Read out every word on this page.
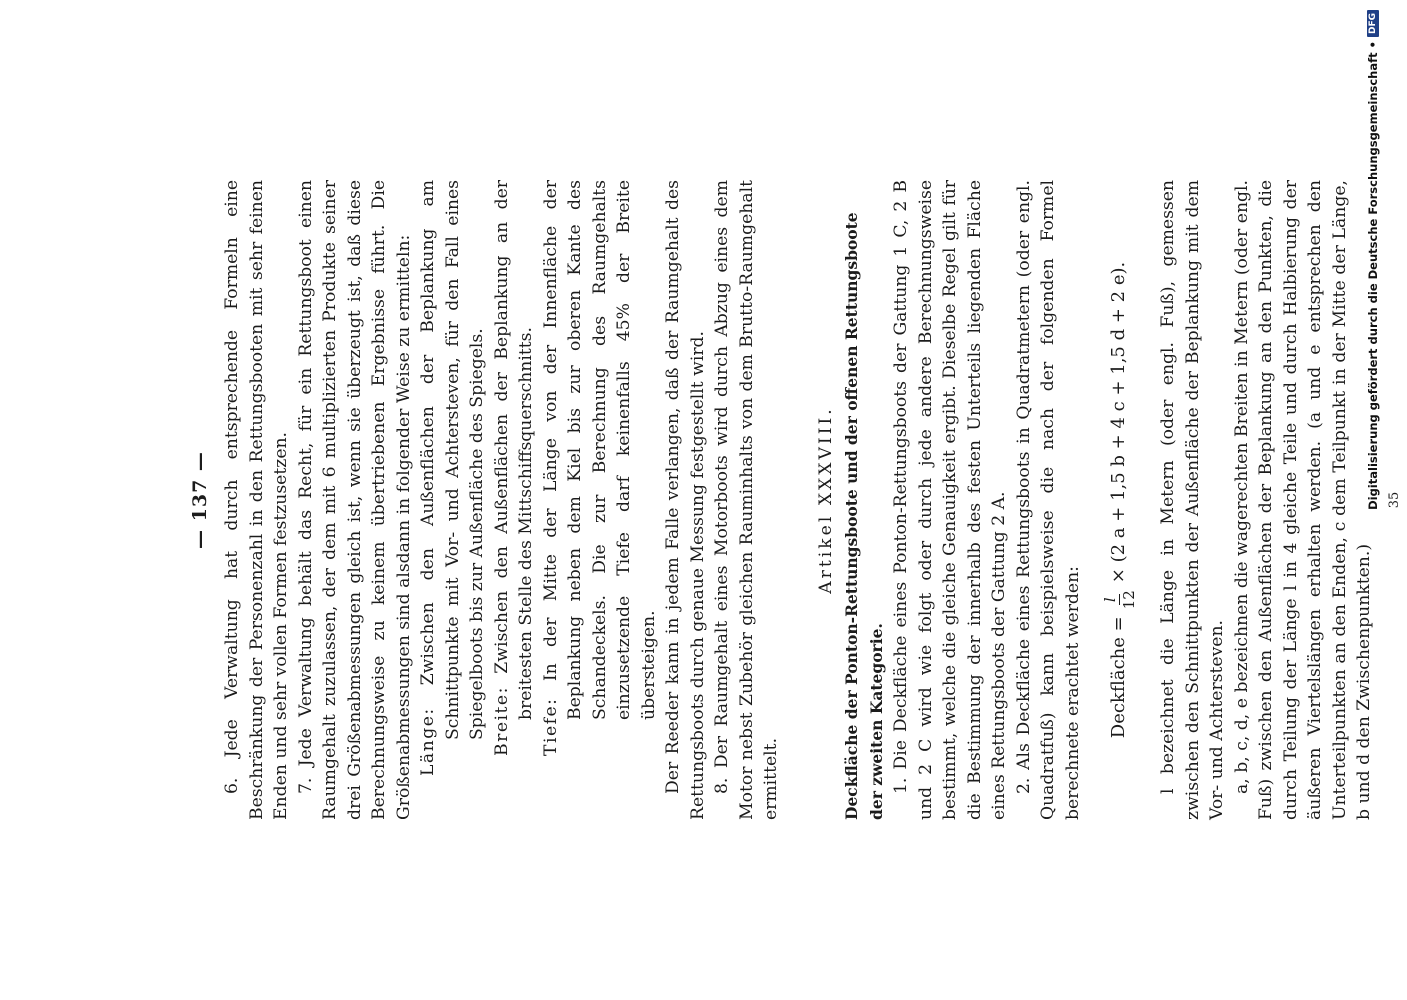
— 137 — 6. Jede Verwaltung hat durch entsprechende Formeln eine Beschränkung der Personenzahl in den Rettungsbooten mit sehr feinen Enden und sehr vollen Formen festzusetzen. 7. Jede Verwaltung behält das Recht, für ein Rettungsboot einen Raumgehalt zuzulassen, der dem mit 6 multiplizierten Produkte seiner drei Größenabmessungen gleich ist, wenn sie überzeugt ist, daß diese Berechnungsweise zu keinem übertriebenen Ergebnisse führt. Die Größenabmessungen sind alsdann in folgender Weise zu ermitteln: Länge: Zwischen den Außenflächen der Beplankung am Schnittpunkte mit Vor- und Achtersteven, für den Fall eines Spiegelboots bis zur Außenfläche des Spiegels. Breite: Zwischen den Außenflächen der Beplankung an der breitesten Stelle des Mittschiffsquerschnitts.

Tiefe: In der Mitte der Länge von der Innenfläche der Beplankung neben dem Kiel bis zur oberen Kante des Schandeckels. Die zur Berechnung des Raumgehalts einzusetzende Tiefe darf keinenfalls 45% der Breite übersteigen. Der Reeder kann in jedem Falle verlangen, daß der Raumgehalt des Rettungsboots durch genaue Messung festgestellt wird. 8. Der Raumgehalt eines Motorboots wird durch Abzug eines dem Motor nebst Zubehör gleichen Rauminhalts von dem Brutto-Raumgehalt ermittelt.

Artikel XXXVIII. Deckfläche der Ponton-Rettungsboote und der offenen Rettungsboote der zweiten Kategorie. 1. Die Deckfläche eines Ponton-Rettungsboots der Gattung 1 C, 2 B und 2 C wird wie folgt oder durch jede andere Berechnungsweise bestimmt, welche die gleiche Genauigkeit ergibt. Dieselbe Regel gilt für die Bestimmung der innerhalb des festen Unterteils liegenden Fläche eines Rettungsboots der Gattung 2 A. 2. Als Deckfläche eines Rettungsboots in Quadratmetern (oder engl. Quadratfuß) kann beispielsweise die nach der folgenden Formel berechnete erachtet werden: Deckfläche =
l 12
× (2 a + 1,5 b + 4 c + 1,5 d + 2 e). l bezeichnet die Länge in Metern (oder engl. Fuß), gemessen zwischen den Schnittpunkten der Außenfläche der Beplankung mit dem Vor- und Achtersteven. a, b, c, d, e bezeichnen die wagerechten Breiten in Metern (oder engl. Fuß) zwischen den Außenflächen der Beplankung an den Punkten, die durch Teilung der Länge l in 4 gleiche Teile und durch Halbierung der äußeren Viertelslängen erhalten werden. (a und e entsprechen den Unterteilpunkten an den Enden, c dem Teilpunkt in der Mitte der Länge, b und d den Zwischenpunkten.)

35
Digitalisierung gefördert durch die Deutsche Forschungsgemeinschaft •
DFG
